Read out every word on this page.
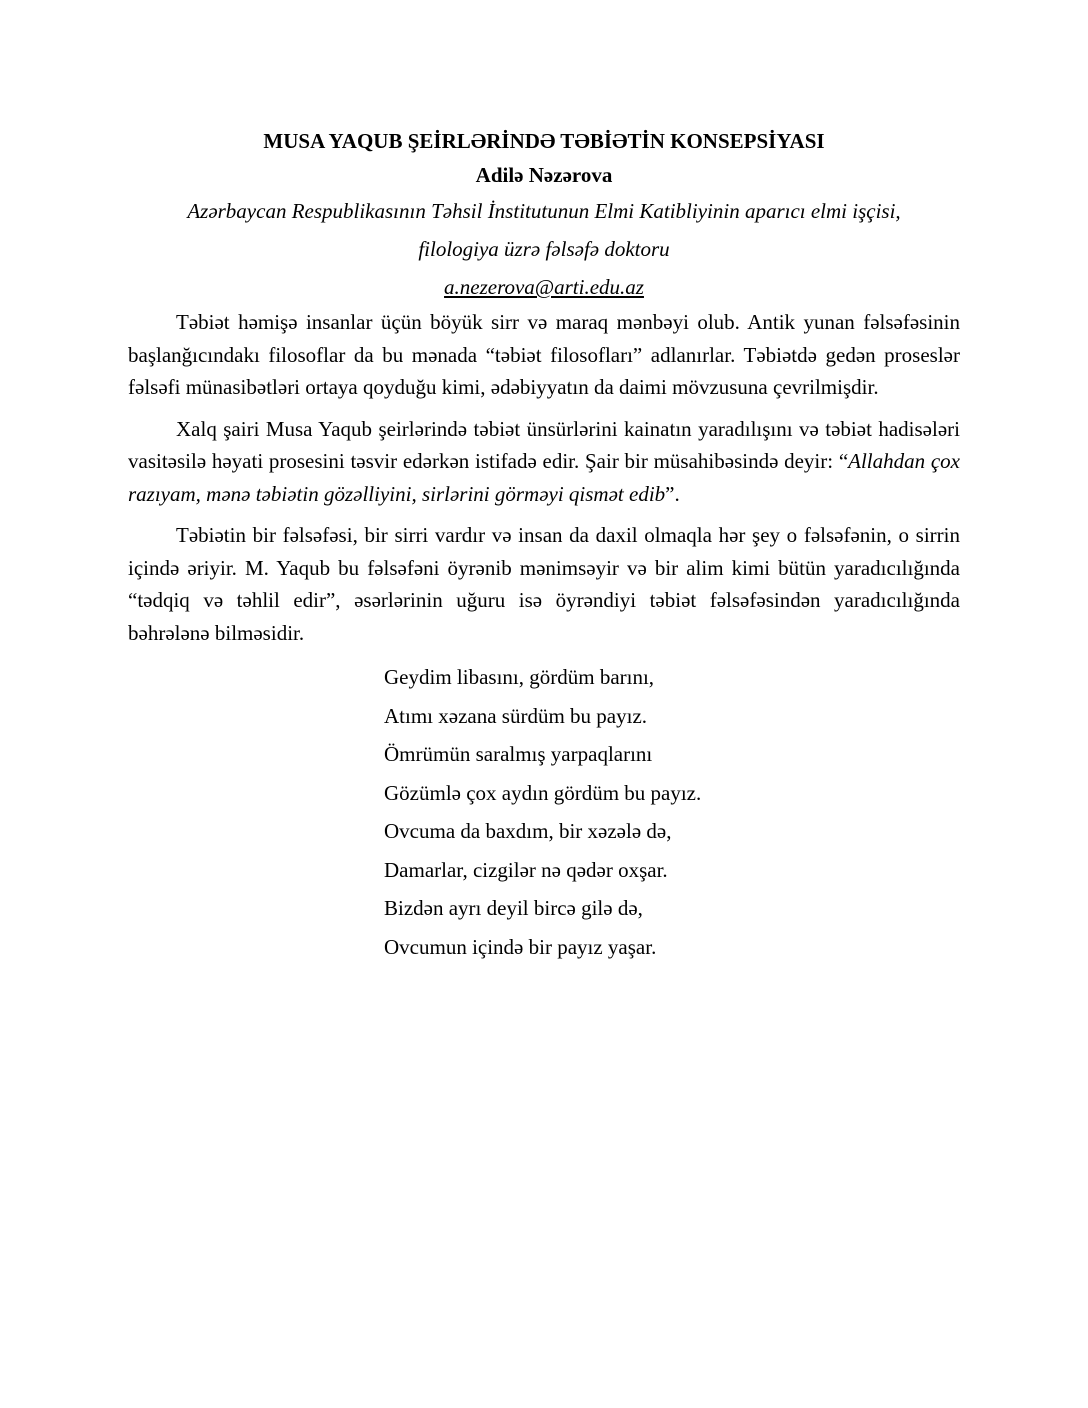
MUSA YAQUB ŞEİRLƏRİNDƏ TƏBİƏTİN KONSEPSİYASI

Adilə Nəzərova

Azərbaycan Respublikasının Təhsil İnstitutunun Elmi Katibliyinin aparıcı elmi işçisi, filologiya üzrə fəlsəfə doktoru

a.nezerova@arti.edu.az

Təbiət həmişə insanlar üçün böyük sirr və maraq mənbəyi olub. Antik yunan fəlsəfəsinin başlanğıcındakı filosoflar da bu mənada “təbiət filosofları” adlanırlar. Təbiətdə gedən proseslər fəlsəfi münasibətləri ortaya qoyduğu kimi, ədəbiyyatın da daimi mövzusuna çevrilmişdir.

Xalq şairi Musa Yaqub şeirlərində təbiət ünsürlərini kainatın yaradılışını və təbiət hadisələri vasitəsilə həyati prosesini təsvir edərkən istifadə edir. Şair bir müsahibəsində deyir: “Allahdan çox razıyam, mənə təbiətin gözəlliyini, sirlərini görməyi qismət edib”.

Təbiətin bir fəlsəfəsi, bir sirri vardır və insan da daxil olmaqla hər şey o fəlsəfənin, o sirrin içində əriyir. M. Yaqub bu fəlsəfəni öyrənib mənimsəyir və bir alim kimi bütün yaradıcılığında “tədqiq və təhlil edir”, əsərlərinin uğuru isə öyrəndiyi təbiət fəlsəfəsindən yaradıcılığında bəhrələnə bilməsidir.

Geydim libasını, gördüm barını,
Atımı xəzana sürdüm bu payız.
Ömrümün saralmış yarpaqlarını
Gözümlə çox aydın gördüm bu payız.
Ovcuma da baxdım, bir xəzələ də,
Damarlar, cizgilər nə qədər oxşar.
Bizdən ayrı deyil bircə gilə də,
Ovcumun içində bir payız yaşar.
